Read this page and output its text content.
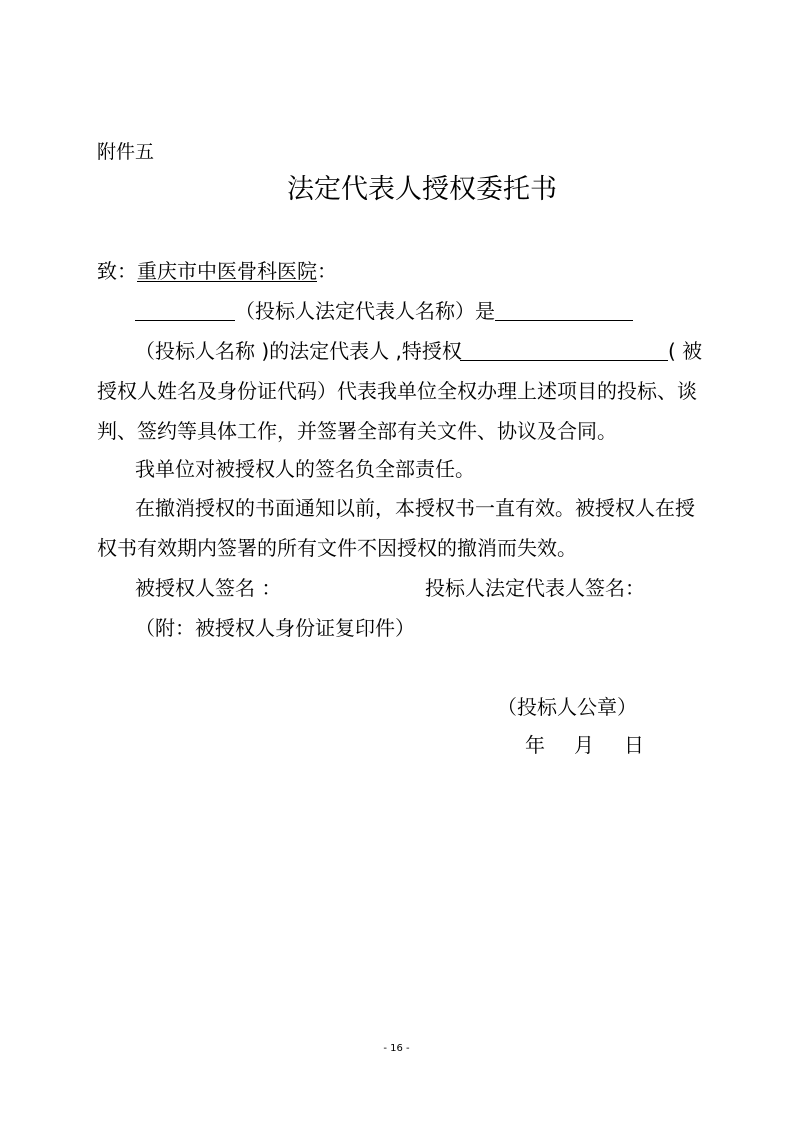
附件五
法定代表人授权委托书
致：重庆市中医骨科医院：
（投标人法定代表人名称）是
（投标人名称 )的法定代表人 ,特授权	( 被
授权人姓名及身份证代码）代表我单位全权办理上述项目的投标、谈
判、签约等具体工作，并签署全部有关文件、协议及合同。
我单位对被授权人的签名负全部责任。
在撤消授权的书面通知以前，本授权书一直有效。被授权人在授
权书有效期内签署的所有文件不因授权的撤消而失效。
被授权人签名 ：	投标人法定代表人签名：
（附：被授权人身份证复印件）
（投标人公章）
年 月 日
- 16 -
